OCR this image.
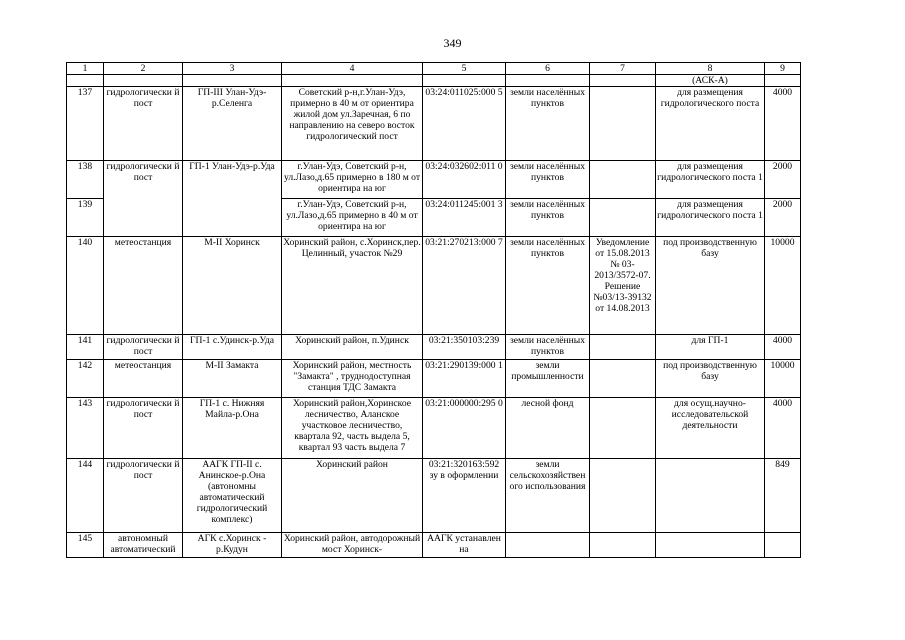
349
1	2	3	4	5	6	7	8	9
							(АСК-А)	
137	гидрологически й пост	ГП-III Улан-Удэ-р.Селенга	Советский р-н,г.Улан-Удэ, примерно в 40 м от ориентира жилой дом ул.Заречная, 6 по направлению на северо восток гидрологический пост	03:24:011025:000 5	земли населённых пунктов		для размещения гидрологического поста	4000
138	гидрологически й пост	ГП-1 Улан-Удэ-р.Уда	г.Улан-Удэ, Советский р-н, ул.Лазо,д.65 примерно в 180 м от ориентира на юг	03:24:032602:011 0	земли населённых пунктов		для размещения гидрологического поста 1	2000
139			г.Улан-Удэ, Советский р-н, ул.Лазо,д.65 примерно в 40 м от ориентира на юг	03:24:011245:001 3	земли населённых пунктов		для размещения гидрологического поста 1	2000
140	метеостанция	М-II Хоринск	Хоринский район, с.Хоринск,пер. Целинный, участок №29	03:21:270213:000 7	земли населённых пунктов	Уведомление от 15.08.2013 № 03-2013/3572-07. Решение №03/13-39132 от 14.08.2013	под производственную базу	10000
141	гидрологически й пост	ГП-1 с.Удинск-р.Уда	Хоринский район, п.Удинск	03:21:350103:239	земли населённых пунктов		для ГП-1	4000
142	метеостанция	М-II Замакта	Хоринский район, местность "Замакта" , труднодоступная станция ТДС Замакта	03:21:290139:000 1	земли промышленности		под производственную базу	10000
143	гидрологически й пост	ГП-1 с. Нижняя Майла-р.Она	Хоринский район,Хоринское лесничество, Аланское участковое лесничество, квартала 92, часть выдела 5, квартал 93 часть выдела 7	03:21:000000:295 0	лесной фонд		для осущ.научно-исследовательской деятельности	4000
144	гидрологически й пост	ААГК ГП-II с. Анинское-р.Она (автономны автоматический гидрологический комплекс)	Хоринский район	03:21:320163:592 зу в оформлении	земли сельскохозяйствен ого использования			849
145	автономный автоматический	АГК с.Хоринск - р.Кудун	Хоринский район, автодорожный мост Хоринск-	ААГК устанавлен на				
